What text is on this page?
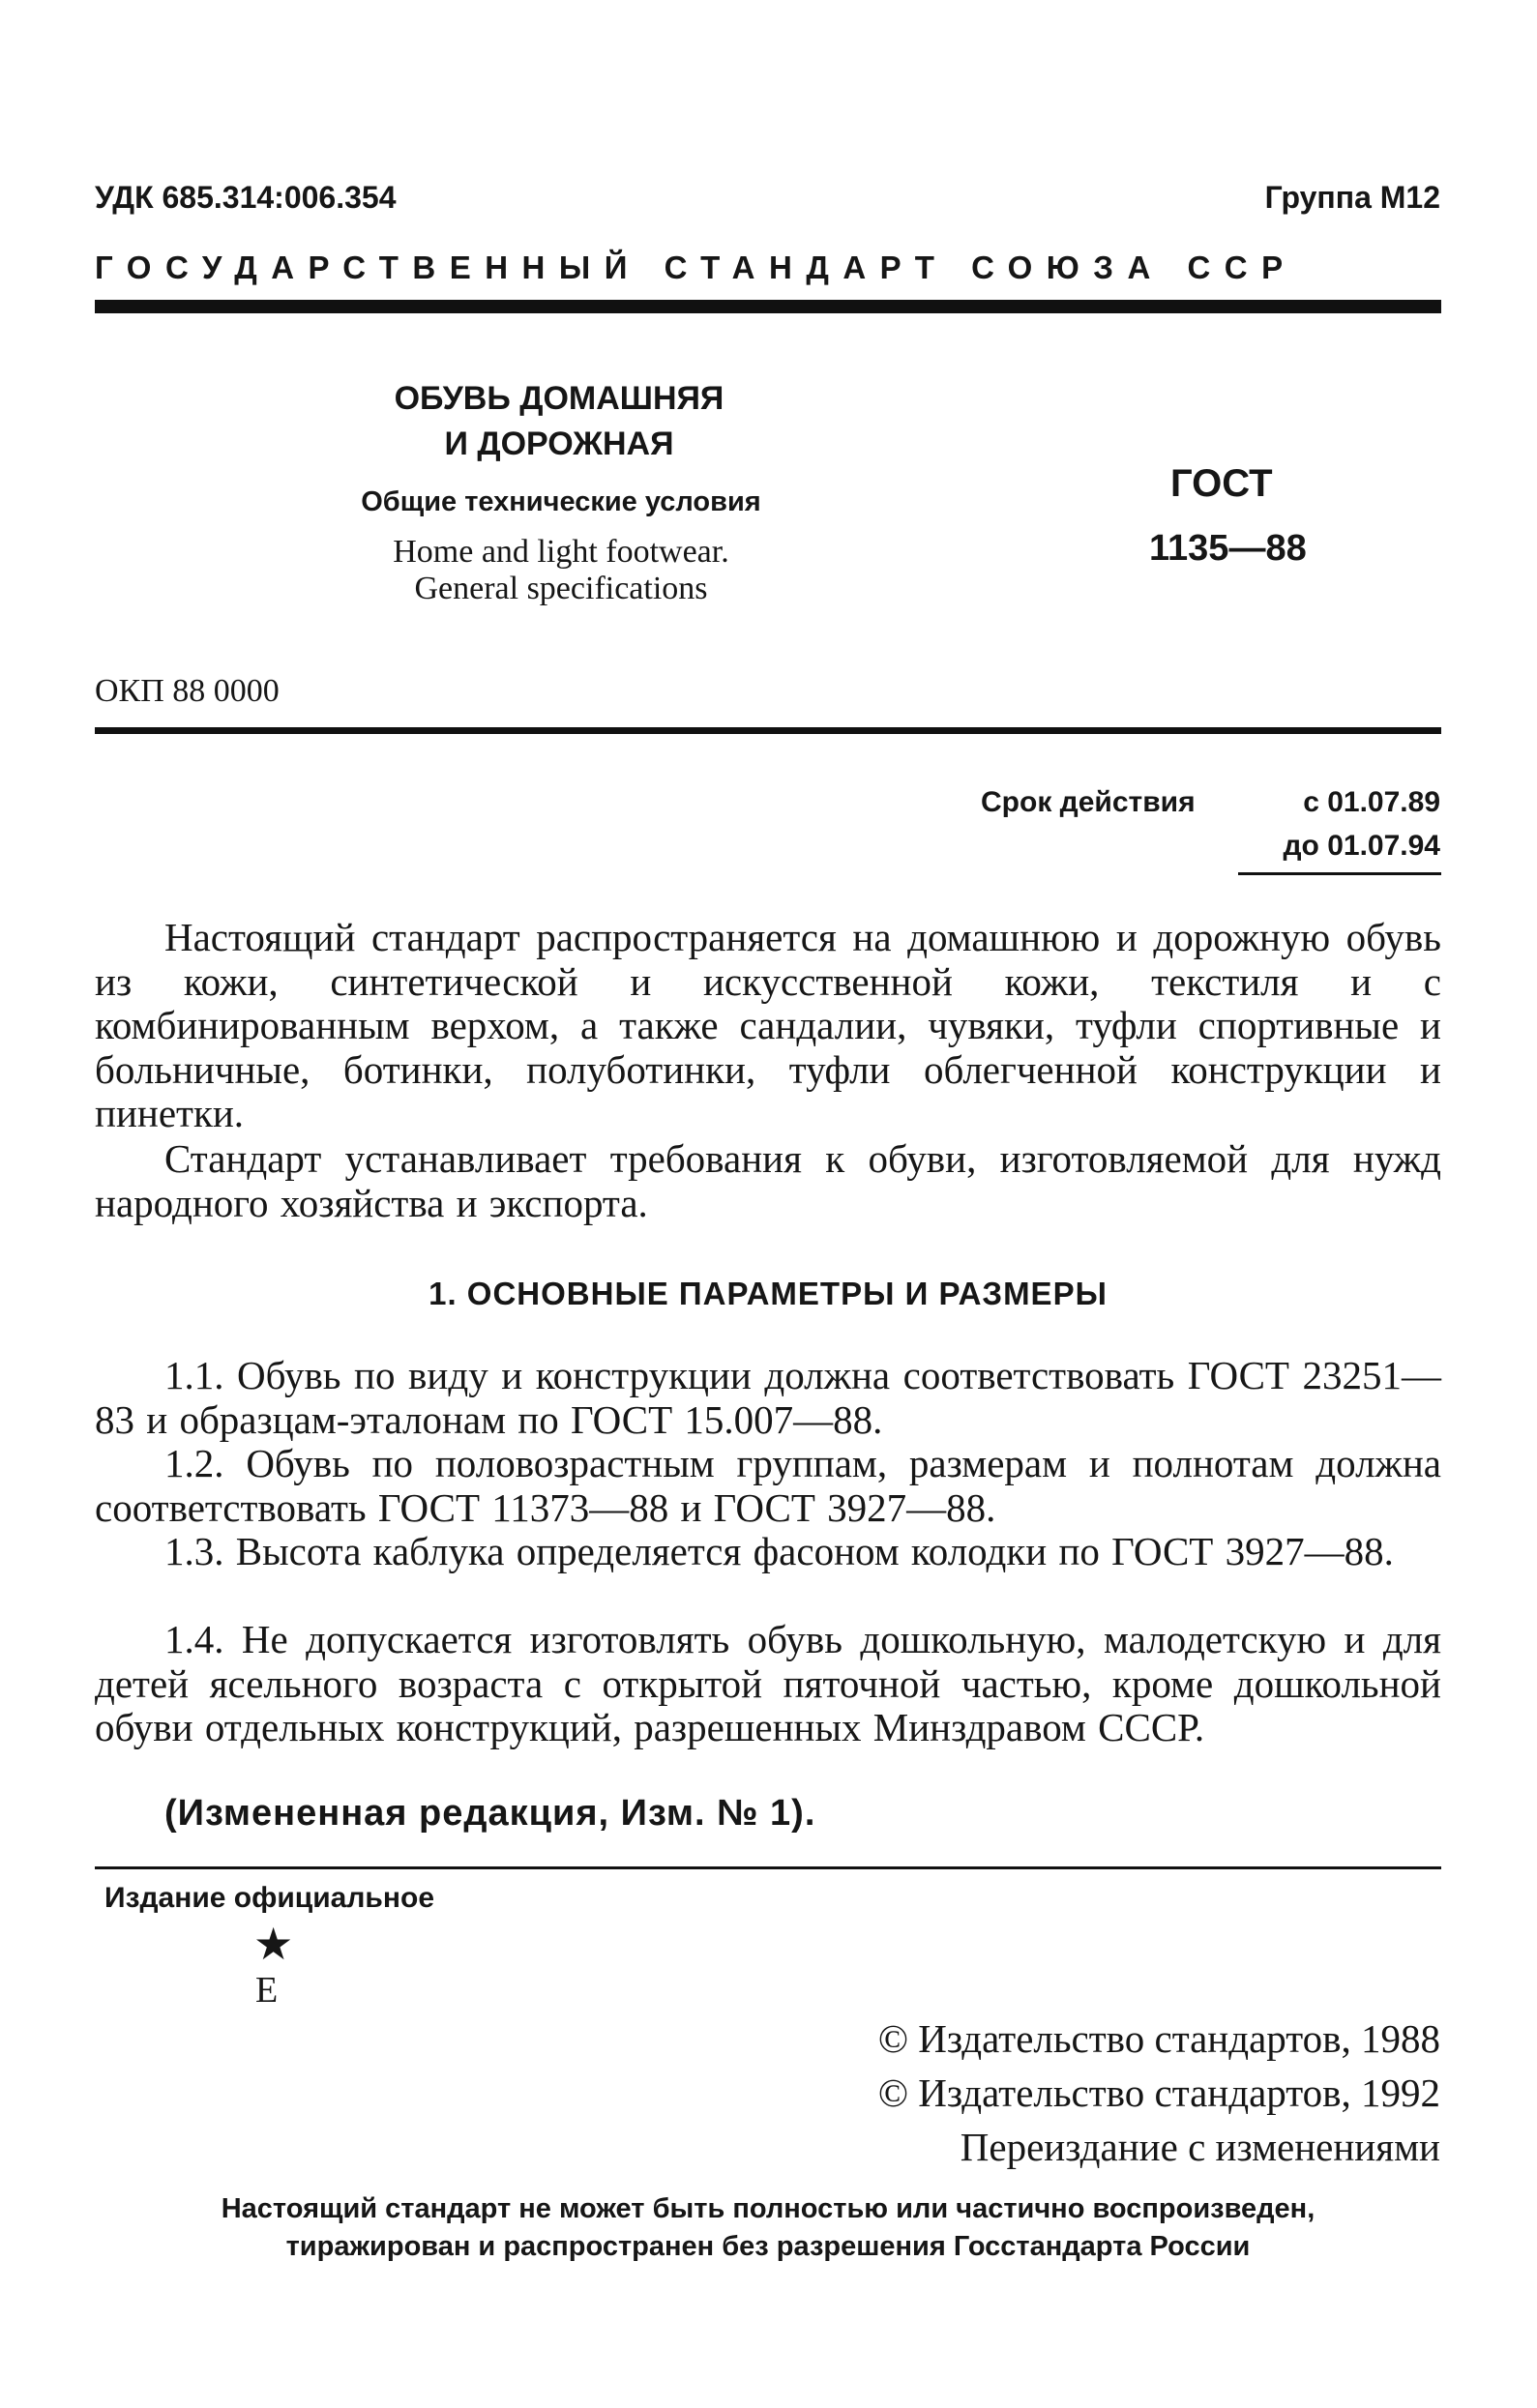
УДК 685.314:006.354	Группа М12
ГОСУДАРСТВЕННЫЙ СТАНДАРТ СОЮЗА ССР
ОБУВЬ ДОМАШНЯЯ
И ДОРОЖНАЯ
Общие технические условия
Home and light footwear.
General specifications
ГОСТ
1135—88
ОКП 88 0000
Срок действия	с 01.07.89
до 01.07.94

Настоящий стандарт распространяется на домашнюю и дорожную обувь из кожи, синтетической и искусственной кожи, текстиля и с комбинированным верхом, а также сандалии, чувяки, туфли спортивные и больничные, ботинки, полуботинки, туфли облегченной конструкции и пинетки.

Стандарт устанавливает требования к обуви, изготовляемой для нужд народного хозяйства и экспорта.

1. ОСНОВНЫЕ ПАРАМЕТРЫ И РАЗМЕРЫ

1.1. Обувь по виду и конструкции должна соответствовать ГОСТ 23251—83 и образцам-эталонам по ГОСТ 15.007—88.

1.2. Обувь по половозрастным группам, размерам и полнотам должна соответствовать ГОСТ 11373—88 и ГОСТ 3927—88.

1.3. Высота каблука определяется фасоном колодки по ГОСТ 3927—88.

1.4. Не допускается изготовлять обувь дошкольную, малодетскую и для детей ясельного возраста с открытой пяточной частью, кроме дошкольной обуви отдельных конструкций, разрешенных Минздравом СССР.

(Измененная редакция, Изм. № 1).
Издание официальное
★
Е
© Издательство стандартов, 1988
© Издательство стандартов, 1992
Переиздание с изменениями
Настоящий стандарт не может быть полностью или частично воспроизведен,
тиражирован и распространен без разрешения Госстандарта России
